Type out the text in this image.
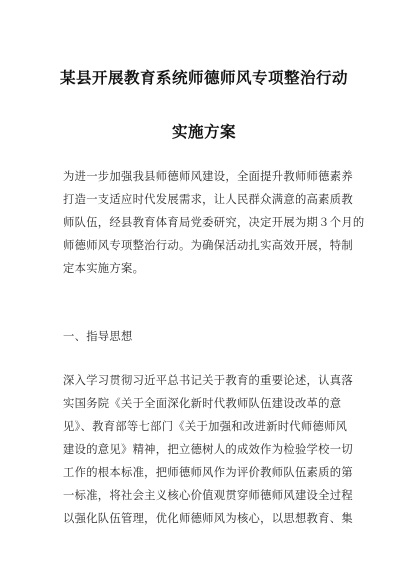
某县开展教育系统师德师风专项整治行动
实施方案
为进一步加强我县师德师风建设，全面提升教师师德素养
打造一支适应时代发展需求，让人民群众满意的高素质教
师队伍，经县教育体育局党委研究，决定开展为期３个月的
师德师风专项整治行动。为确保活动扎实高效开展，特制
定本实施方案。
一、指导思想
深入学习贯彻习近平总书记关于教育的重要论述，认真落
实国务院《关于全面深化新时代教师队伍建设改革的意
见》、教育部等七部门《关于加强和改进新时代师德师风
建设的意见》精神，把立德树人的成效作为检验学校一切
工作的根本标准，把师德师风作为评价教师队伍素质的第
一标准，将社会主义核心价值观贯穿师德师风建设全过程
以强化队伍管理，优化师德师风为核心，以思想教育、集
